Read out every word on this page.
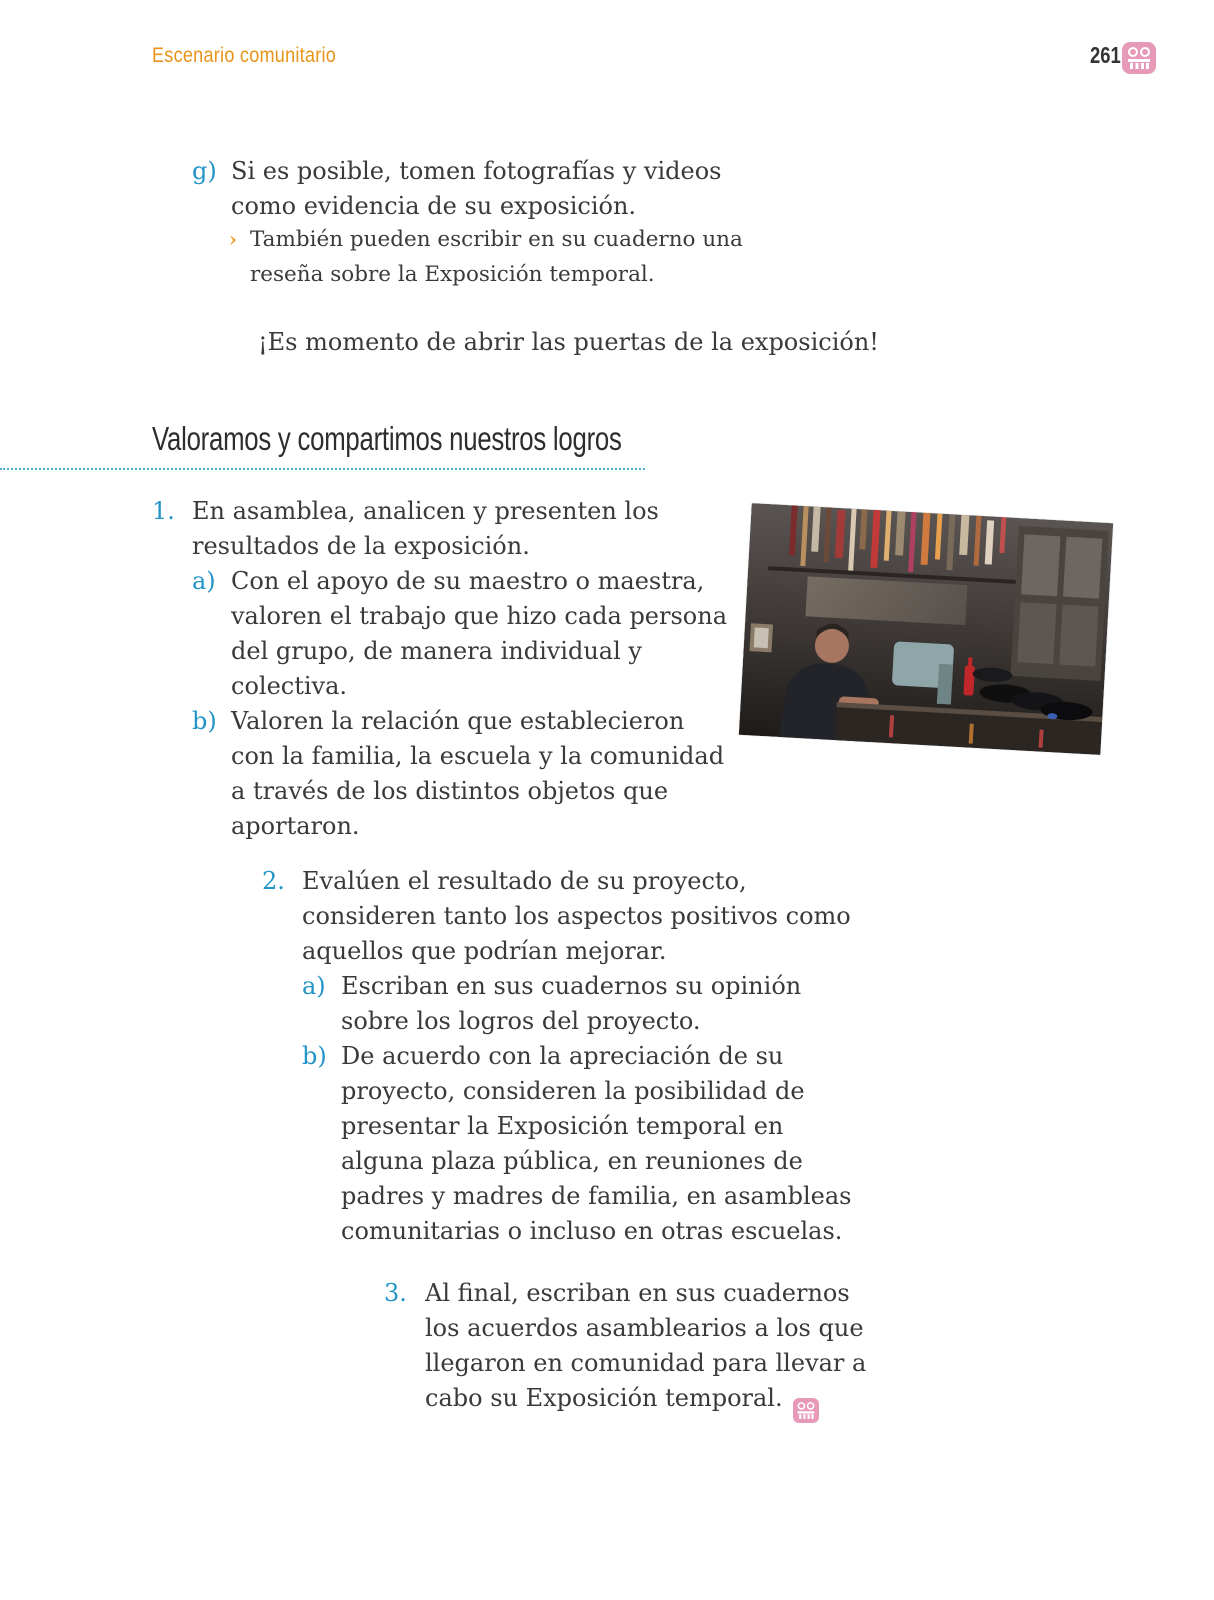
Escenario comunitario	261
g) Si es posible, tomen fotografías y videos
como evidencia de su exposición.
› También pueden escribir en su cuaderno una
reseña sobre la Exposición temporal.
¡Es momento de abrir las puertas de la exposición!
Valoramos y compartimos nuestros logros
1. En asamblea, analicen y presenten los
resultados de la exposición.
a) Con el apoyo de su maestro o maestra,
valoren el trabajo que hizo cada persona
del grupo, de manera individual y
colectiva.
b) Valoren la relación que establecieron
con la familia, la escuela y la comunidad
a través de los distintos objetos que
aportaron.
2. Evalúen el resultado de su proyecto,
consideren tanto los aspectos positivos como
aquellos que podrían mejorar.
a) Escriban en sus cuadernos su opinión
sobre los logros del proyecto.
b) De acuerdo con la apreciación de su
proyecto, consideren la posibilidad de
presentar la Exposición temporal en
alguna plaza pública, en reuniones de
padres y madres de familia, en asambleas
comunitarias o incluso en otras escuelas.
3. Al final, escriban en sus cuadernos
los acuerdos asamblearios a los que
llegaron en comunidad para llevar a
cabo su Exposición temporal.
